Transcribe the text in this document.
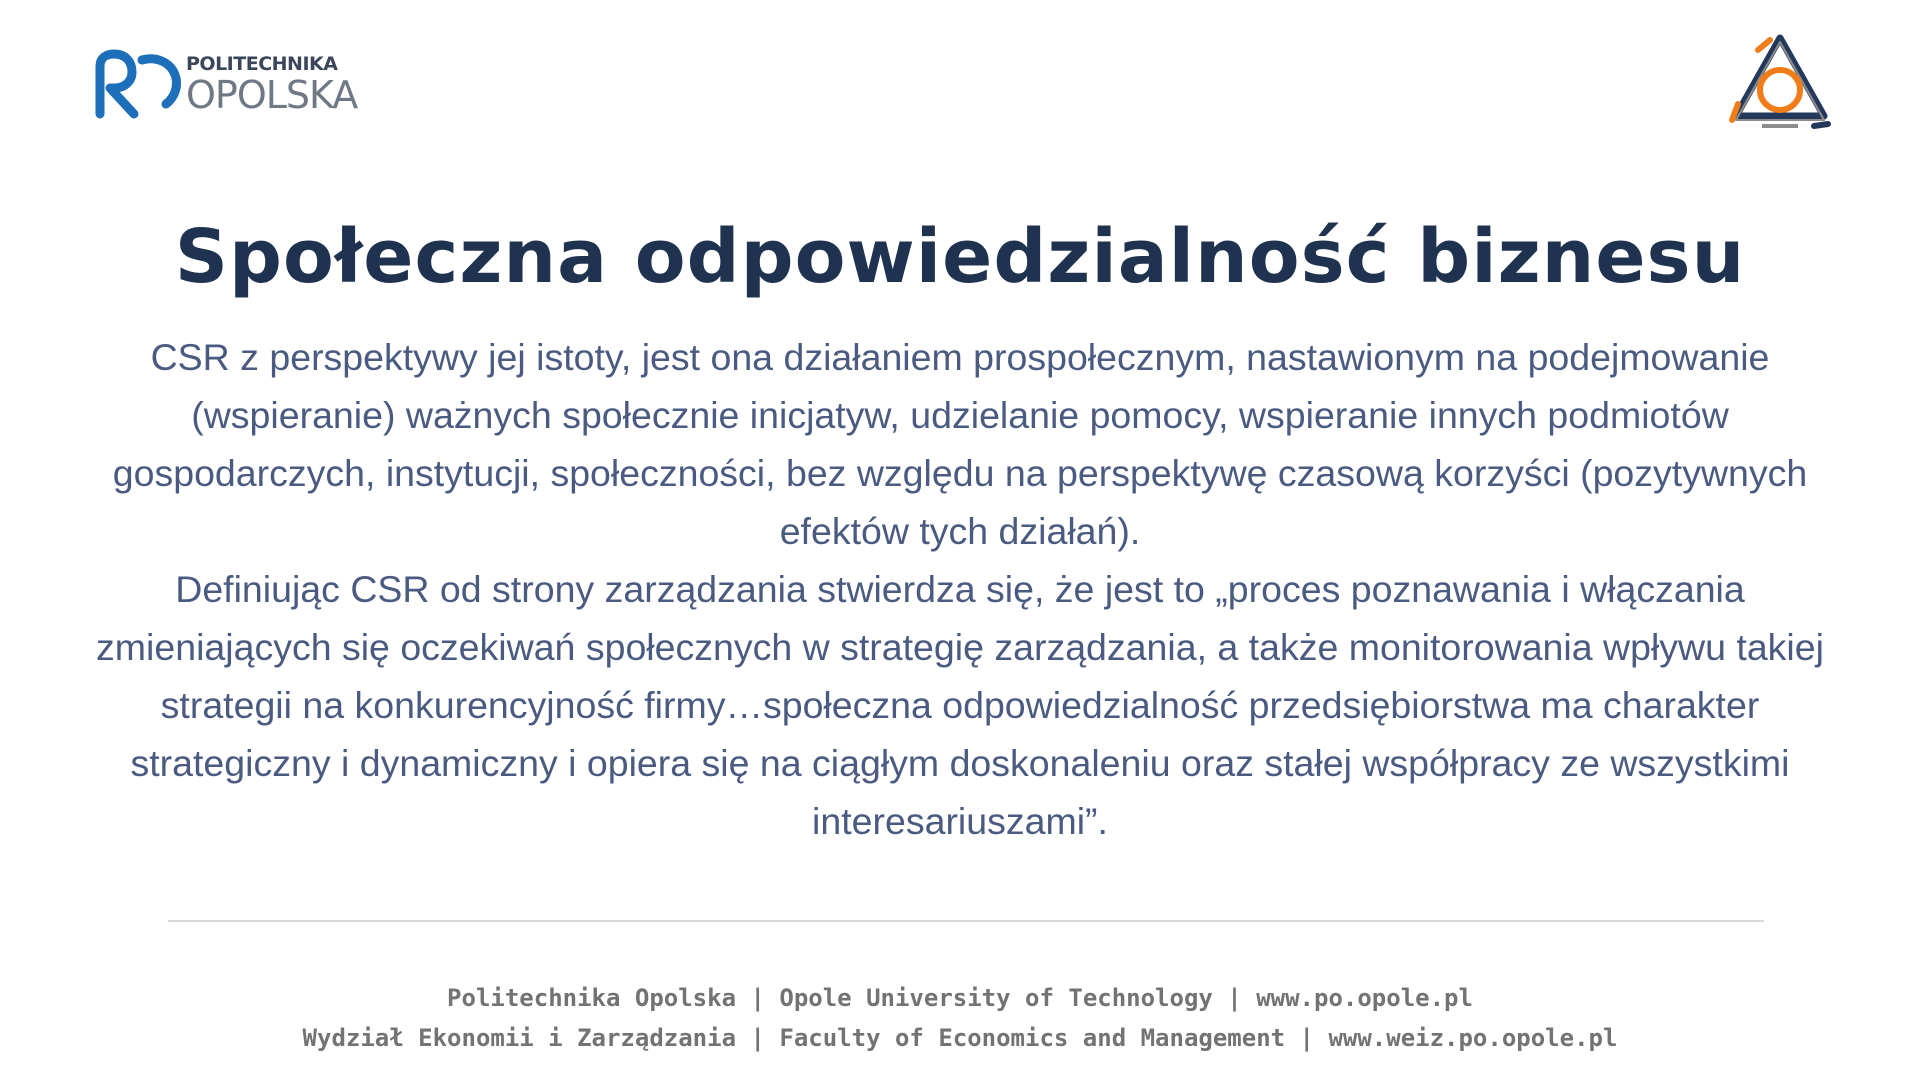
POLITECHNIKA
OPOLSKA
Społeczna odpowiedzialność biznesu

CSR z perspektywy jej istoty, jest ona działaniem prospołecznym, nastawionym na podejmowanie (wspieranie) ważnych społecznie inicjatyw, udzielanie pomocy, wspieranie innych podmiotów gospodarczych, instytucji, społeczności, bez względu na perspektywę czasową korzyści (pozytywnych efektów tych działań).

Definiując CSR od strony zarządzania stwierdza się, że jest to „proces poznawania i włączania zmieniających się oczekiwań społecznych w strategię zarządzania, a także monitorowania wpływu takiej strategii na konkurencyjność firmy…społeczna odpowiedzialność przedsiębiorstwa ma charakter strategiczny i dynamiczny i opiera się na ciągłym doskonaleniu oraz stałej współpracy ze wszystkimi interesariuszami”.

Politechnika Opolska | Opole University of Technology | www.po.opole.pl
Wydział Ekonomii i Zarządzania | Faculty of Economics and Management | www.weiz.po.opole.pl
